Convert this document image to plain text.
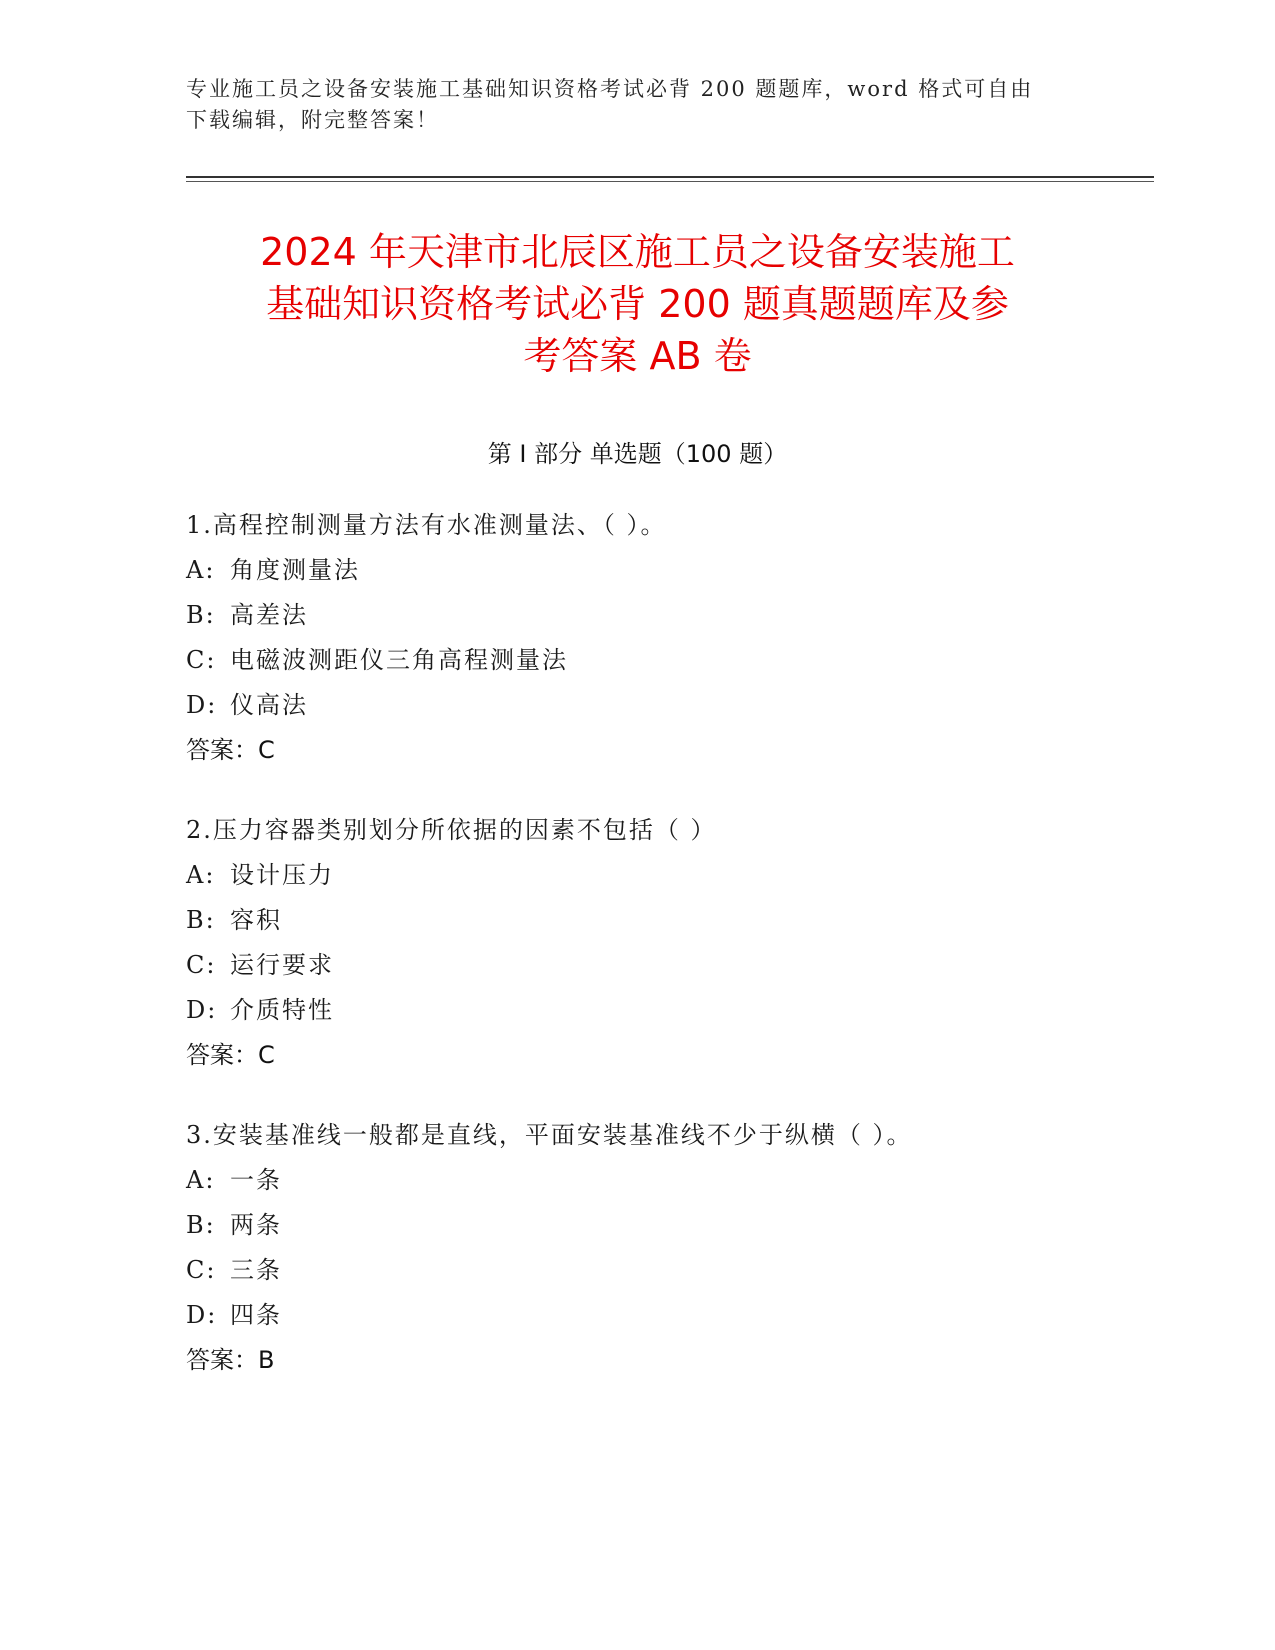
专业施工员之设备安装施工基础知识资格考试必背 200 题题库，word 格式可自由
下载编辑，附完整答案！
2024 年天津市北辰区施工员之设备安装施工
基础知识资格考试必背 200 题真题题库及参
考答案 AB 卷
第 I 部分 单选题（100 题）
1.高程控制测量方法有水准测量法、（ ）。
A: 角度测量法
B: 高差法
C: 电磁波测距仪三角高程测量法
D: 仪高法
答案：C
2.压力容器类别划分所依据的因素不包括（ ）
A: 设计压力
B: 容积
C: 运行要求
D: 介质特性
答案：C
3.安装基准线一般都是直线，平面安装基准线不少于纵横（ ）。
A: 一条
B: 两条
C: 三条
D: 四条
答案：B
